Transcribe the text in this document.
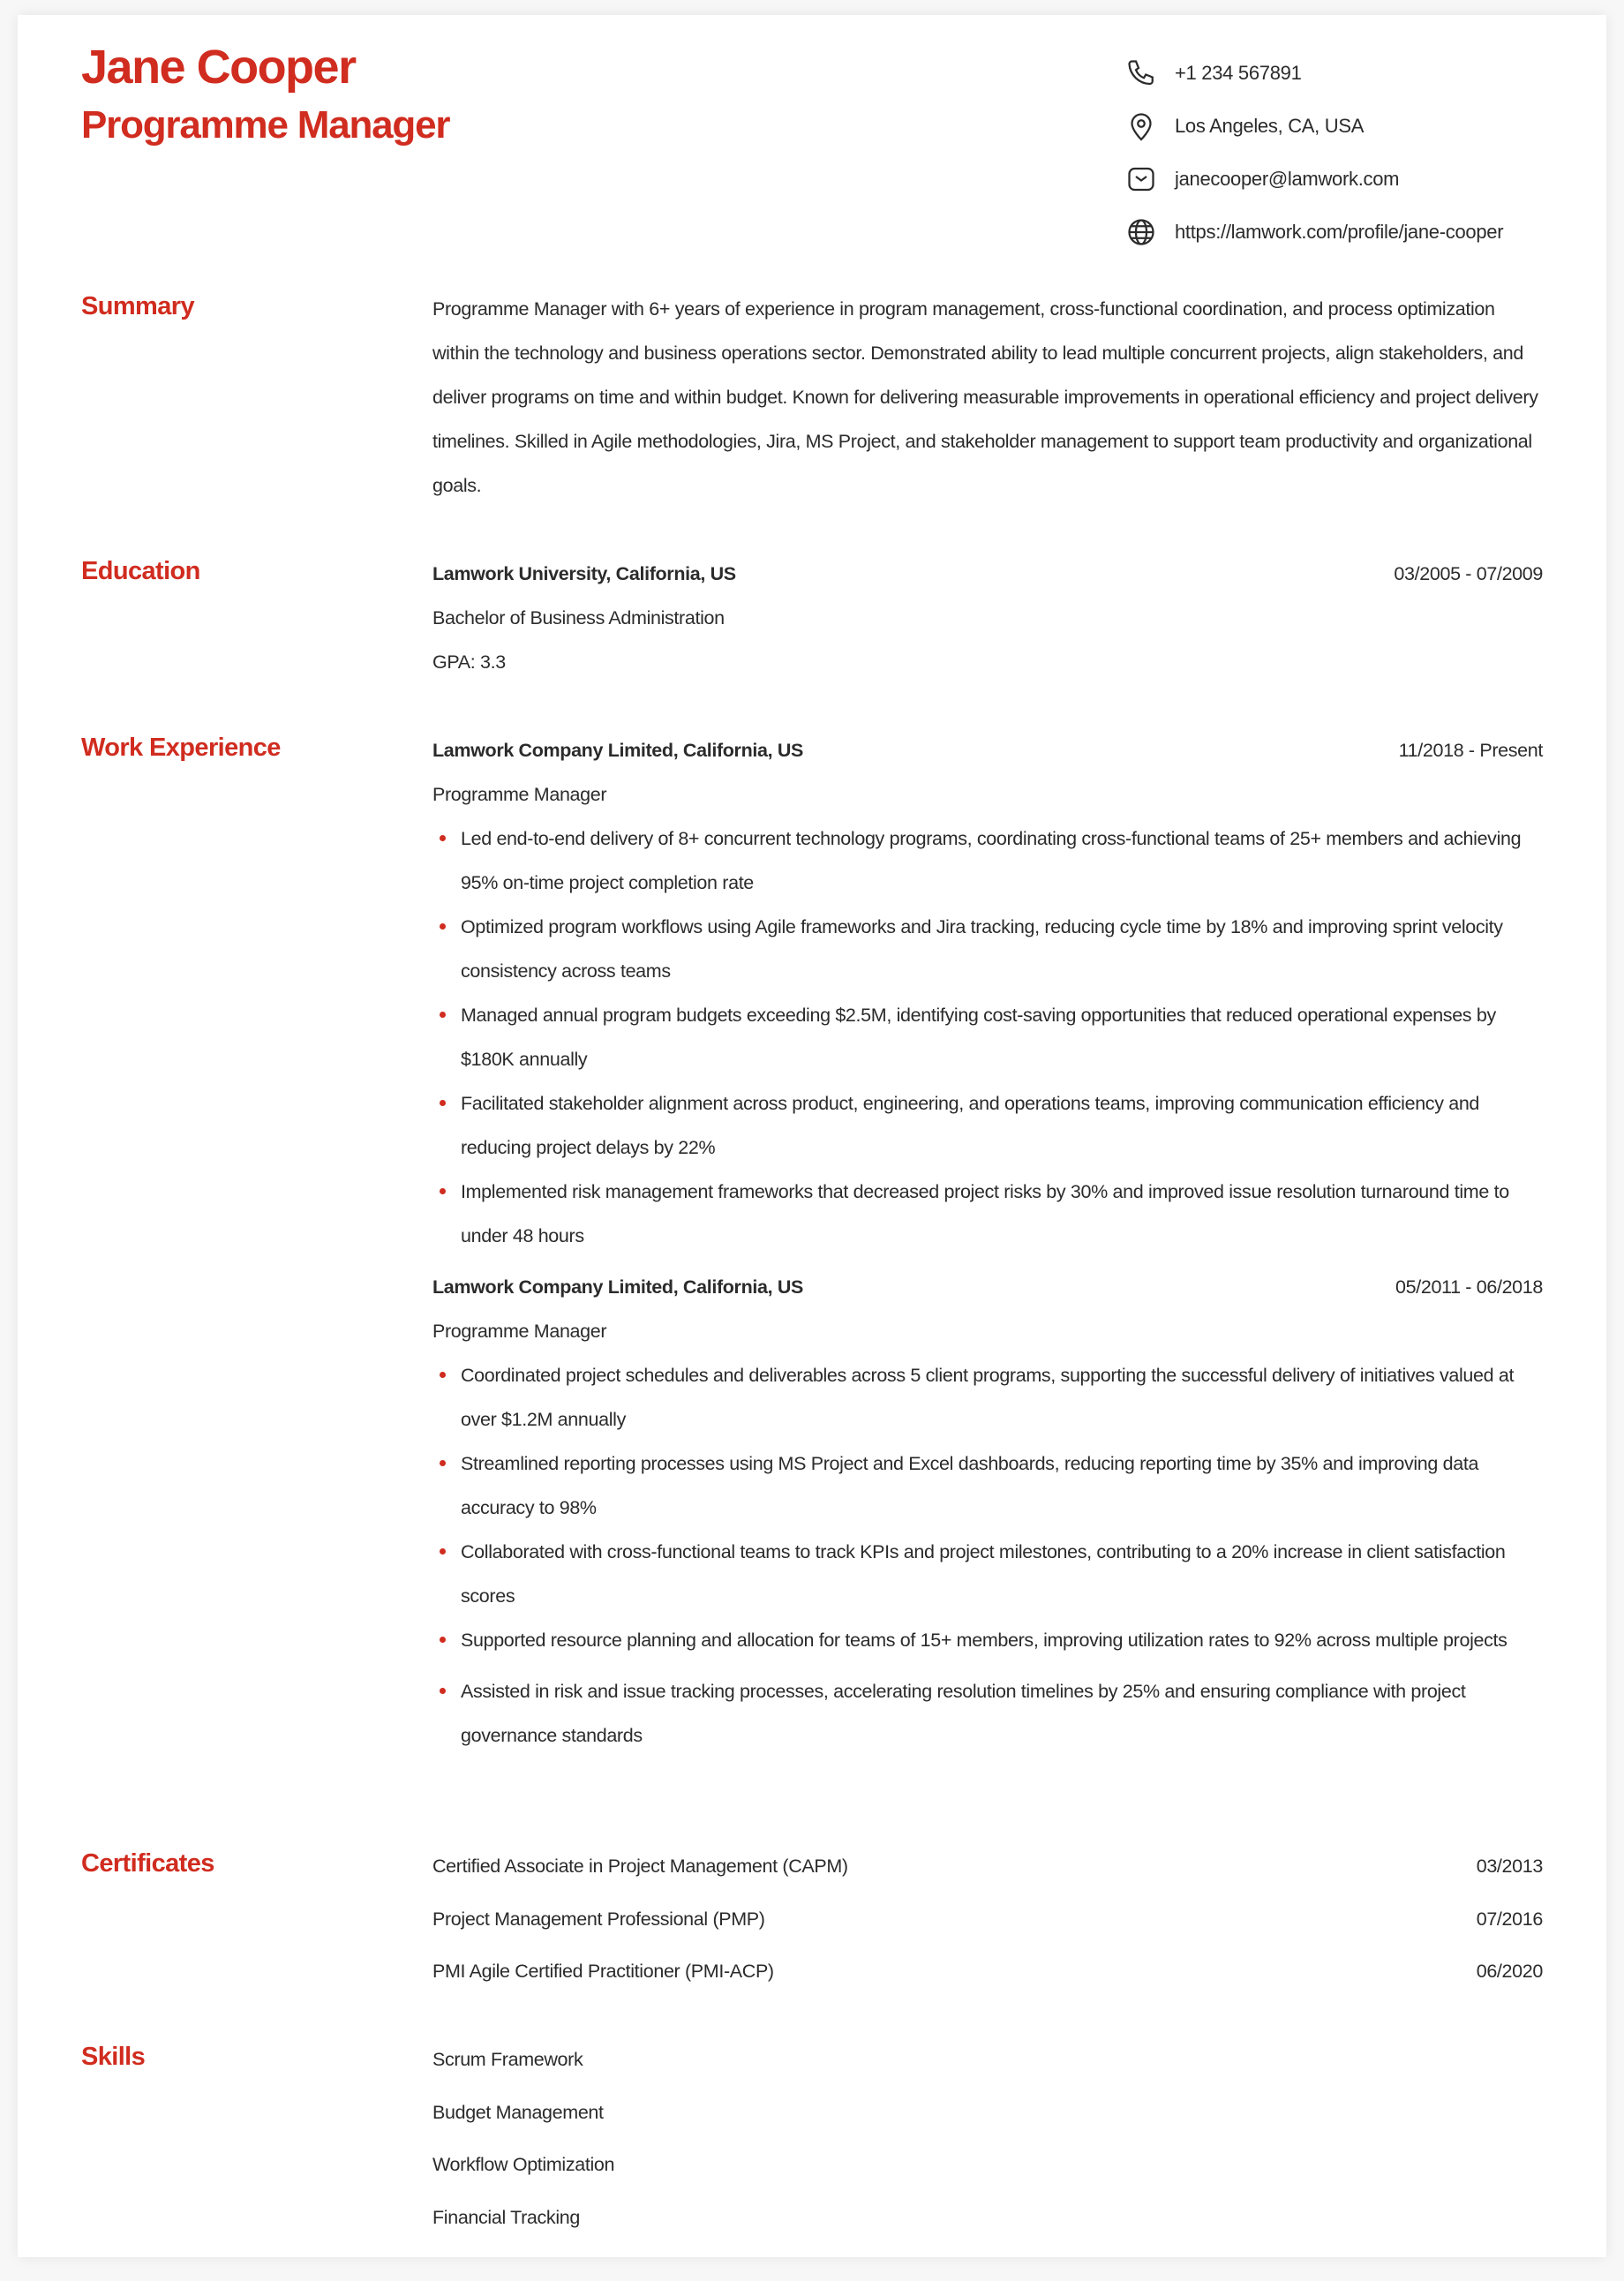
Jane Cooper
Programme Manager
+1 234 567891
Los Angeles, CA, USA
janecooper@lamwork.com
https://lamwork.com/profile/jane-cooper
Summary	Programme Manager with 6+ years of experience in program management, cross-functional coordination, and process optimization within the technology and business operations sector. Demonstrated ability to lead multiple concurrent projects, align stakeholders, and deliver programs on time and within budget. Known for delivering measurable improvements in operational efficiency and project delivery timelines. Skilled in Agile methodologies, Jira, MS Project, and stakeholder management to support team productivity and organizational goals.
Education	Lamwork University, California, US	03/2005 - 07/2009
Bachelor of Business Administration
GPA: 3.3
Work Experience	Lamwork Company Limited, California, US	11/2018 - Present
Programme Manager
Led end-to-end delivery of 8+ concurrent technology programs, coordinating cross-functional teams of 25+ members and achieving 95% on-time project completion rate
Optimized program workflows using Agile frameworks and Jira tracking, reducing cycle time by 18% and improving sprint velocity consistency across teams
Managed annual program budgets exceeding $2.5M, identifying cost-saving opportunities that reduced operational expenses by $180K annually
Facilitated stakeholder alignment across product, engineering, and operations teams, improving communication efficiency and reducing project delays by 22%
Implemented risk management frameworks that decreased project risks by 30% and improved issue resolution turnaround time to under 48 hours
Lamwork Company Limited, California, US	05/2011 - 06/2018
Programme Manager
Coordinated project schedules and deliverables across 5 client programs, supporting the successful delivery of initiatives valued at over $1.2M annually
Streamlined reporting processes using MS Project and Excel dashboards, reducing reporting time by 35% and improving data accuracy to 98%
Collaborated with cross-functional teams to track KPIs and project milestones, contributing to a 20% increase in client satisfaction scores
Supported resource planning and allocation for teams of 15+ members, improving utilization rates to 92% across multiple projects
Assisted in risk and issue tracking processes, accelerating resolution timelines by 25% and ensuring compliance with project governance standards
Certificates	Certified Associate in Project Management (CAPM)	03/2013
Project Management Professional (PMP)	07/2016
PMI Agile Certified Practitioner (PMI-ACP)	06/2020
Skills	Scrum Framework
Budget Management
Workflow Optimization
Financial Tracking
